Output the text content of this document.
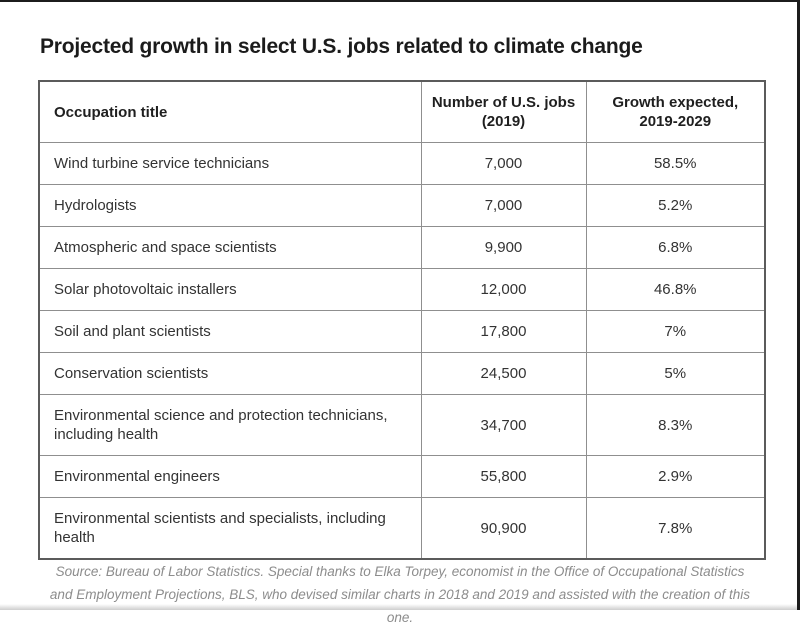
Projected growth in select U.S. jobs related to climate change
Occupation title	Number of U.S. jobs (2019)	Growth expected, 2019-2029
Wind turbine service technicians	7,000	58.5%
Hydrologists	7,000	5.2%
Atmospheric and space scientists	9,900	6.8%
Solar photovoltaic installers	12,000	46.8%
Soil and plant scientists	17,800	7%
Conservation scientists	24,500	5%
Environmental science and protection technicians, including health	34,700	8.3%
Environmental engineers	55,800	2.9%
Environmental scientists and specialists, including health	90,900	7.8%
Source: Bureau of Labor Statistics. Special thanks to Elka Torpey, economist in the Office of Occupational Statistics and Employment Projections, BLS, who devised similar charts in 2018 and 2019 and assisted with the creation of this one.
